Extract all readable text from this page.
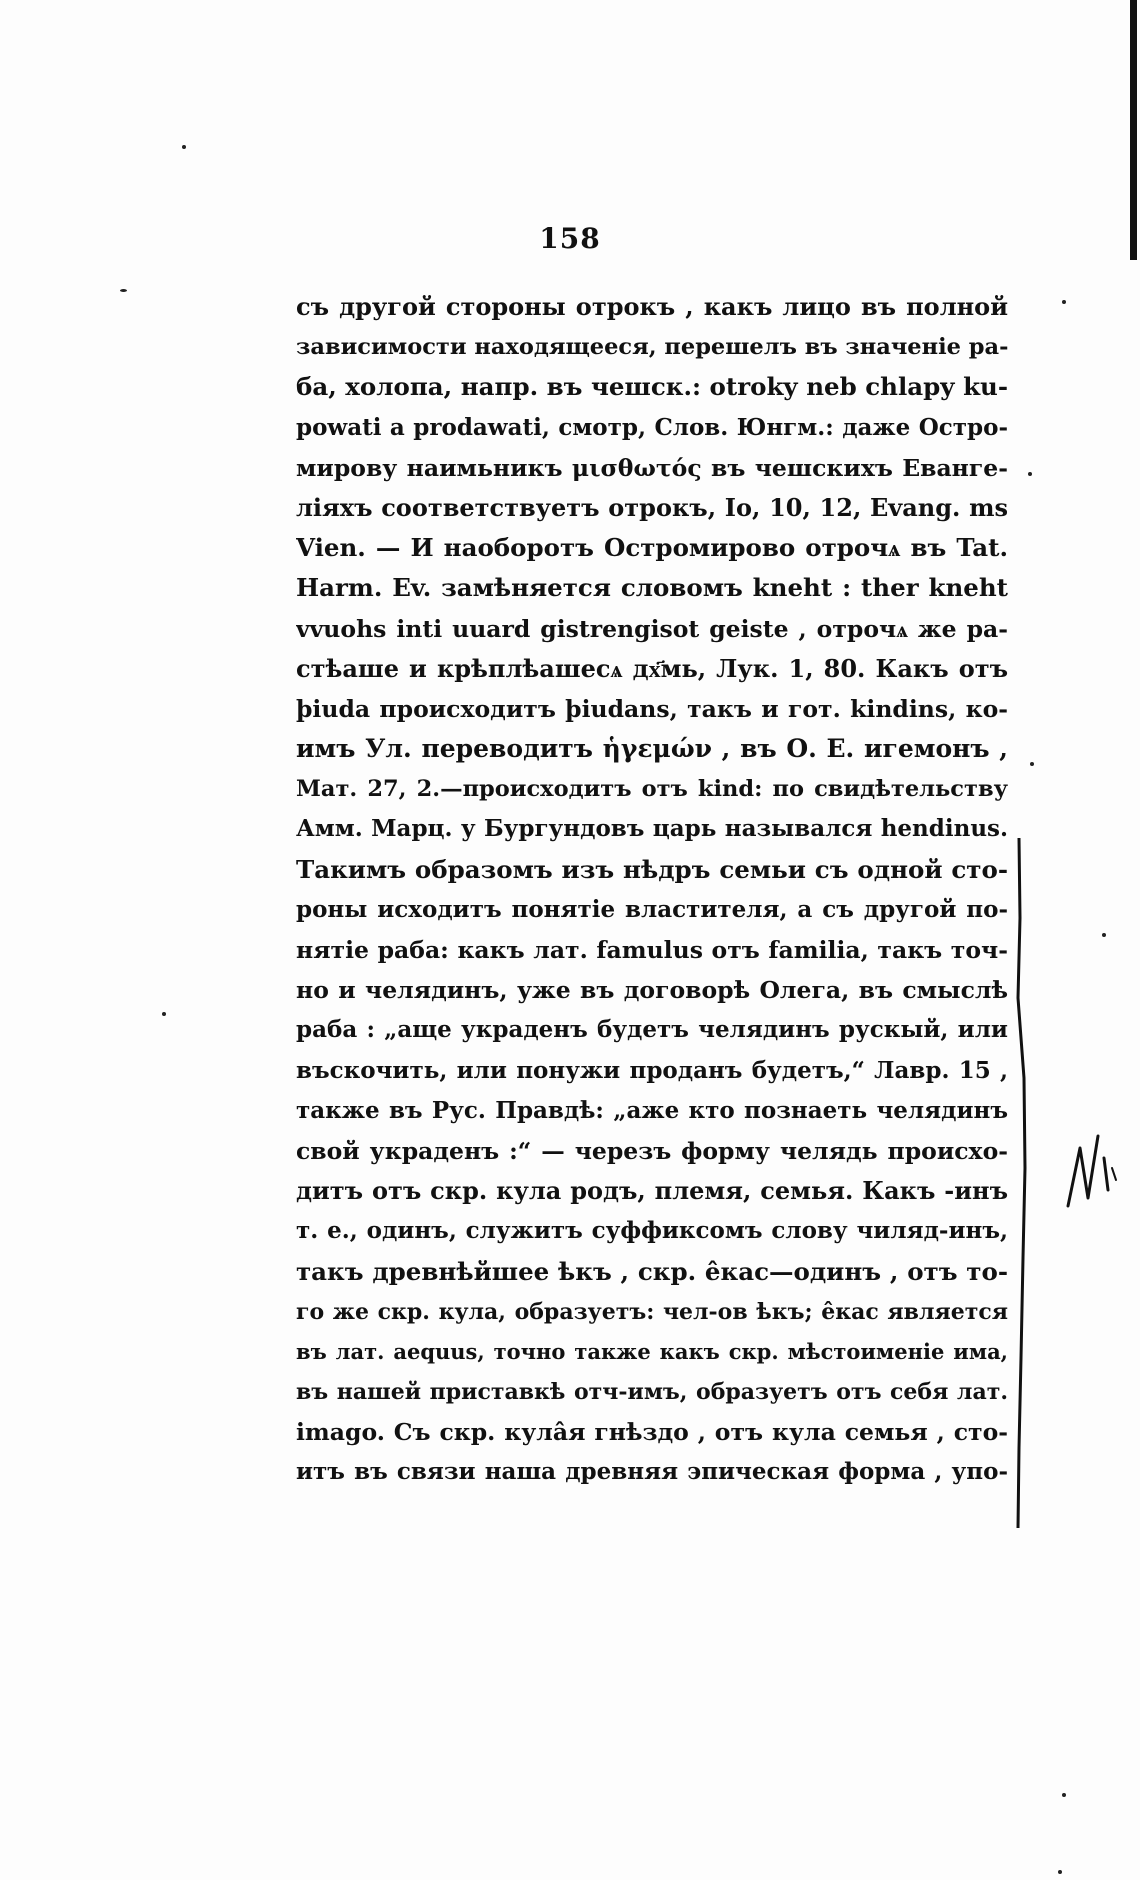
158
съ другой стороны отрокъ , какъ лицо въ полной
зависимости находящееся, перешелъ въ значенiе ра-
ба, холопа, напр. въ чешск.: otroky neb chlapy ku-
powati a prodawati, смотр, Слов. Юнгм.: даже Остро-
мирову наимьникъ μισθωτός въ чешскихъ Еванге-
лiяхъ соответствуетъ отрокъ, Io, 10, 12, Evang. ms
Vien. — И наоборотъ Остромирово отрочѧ въ Tat.
Harm. Ev. замѣняется словомъ kneht : ther kneht
vvuohs inti uuard gistrengisot geiste , отрочѧ же ра-
стѣаше и крѣплѣашесѧ дх҃мь, Лук. 1, 80. Какъ отъ
þiuda происходитъ þiudans, такъ и гот. kindins, ко-
имъ Ул. переводитъ ἡγεμών , въ О. Е. игемонъ ,
Мат. 27, 2.—происходитъ отъ kind: по свидѣтельству
Амм. Марц. у Бургундовъ царь назывался hendinus.
Такимъ образомъ изъ нѣдръ семьи съ одной сто-
роны исходитъ понятiе властителя, а съ другой по-
нятiе раба: какъ лат. famulus отъ familia, такъ точ-
но и челядинъ, уже въ договорѣ Олега, въ смыслѣ
раба : „аще украденъ будетъ челядинъ рускый, или
въскочить, или понужи проданъ будетъ,“ Лавр. 15 ,
также въ Рус. Правдѣ: „аже кто познаеть челядинъ
свой украденъ :“ — черезъ форму челядь происхо-
дитъ отъ скр. кула родъ, племя, семья. Какъ -инъ
т. е., одинъ, служитъ суффиксомъ слову чиляд-инъ,
такъ древнѣйшее ѣкъ , скр. êкас—одинъ , отъ то-
го же скр. кула, образуетъ: чел-ов ѣкъ; êкас является
въ лат. aequus, точно также какъ скр. мѣстоименiе има,
въ нашей приставкѣ отч-имъ, образуетъ отъ себя лат.
imago. Съ скр. кулâя гнѣздо , отъ кула семья , сто-
итъ въ связи наша древняя эпическая форма , упо-
